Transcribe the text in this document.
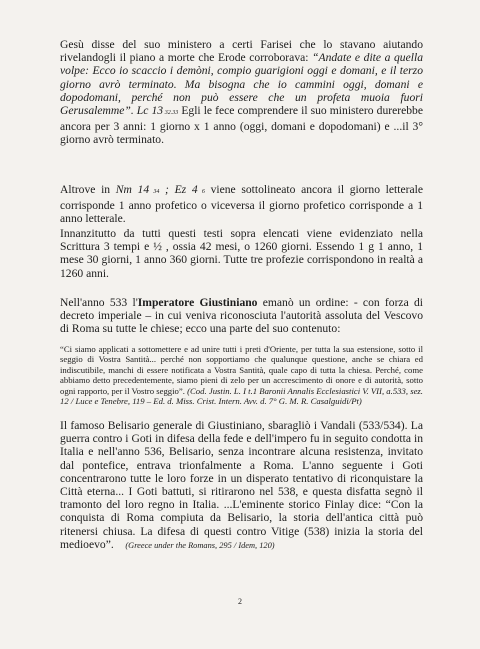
Gesù disse del suo ministero a certi Farisei che lo stavano aiutando rivelandogli il piano a morte che Erode corroborava: “Andate e dite a quella volpe: Ecco io scaccio i demòni, compio guarigioni oggi e domani, e il terzo giorno avrò terminato. Ma bisogna che io cammini oggi, domani e dopodomani, perché non può essere che un profeta muoia fuori Gerusalemme”. Lc 13 32.33 Egli le fece comprendere il suo ministero durerebbe ancora per 3 anni: 1 giorno x 1 anno (oggi, domani e dopodomani) e ...il 3° giorno avrò terminato.
Altrove in Nm 14 34 ; Ez 4 6 viene sottolineato ancora il giorno letterale corrisponde 1 anno profetico o viceversa il giorno profetico corrisponde a 1 anno letterale.
Innanzitutto da tutti questi testi sopra elencati viene evidenziato nella Scrittura 3 tempi e ½ , ossia 42 mesi, o 1260 giorni. Essendo 1 g 1 anno, 1 mese 30 giorni, 1 anno 360 giorni. Tutte tre profezie corrispondono in realtà a 1260 anni.
Nell'anno 533 l'Imperatore Giustiniano emanò un ordine: - con forza di decreto imperiale – in cui veniva riconosciuta l'autorità assoluta del Vescovo di Roma su tutte le chiese; ecco una parte del suo contenuto:
“Ci siamo applicati a sottomettere e ad unire tutti i preti d'Oriente, per tutta la sua estensione, sotto il seggio di Vostra Santità... perché non sopportiamo che qualunque questione, anche se chiara ed indiscutibile, manchi di essere notificata a Vostra Santità, quale capo di tutta la chiesa. Perché, come abbiamo detto precedentemente, siamo pieni di zelo per un accrescimento di onore e di autorità, sotto ogni rapporto, per il Vostro seggio”. (Cod. Justin. L. I t.1 Baronii Annalis Ecclesiastici V. VII, a.533, sez. 12 / Luce e Tenebre, 119 – Ed. d. Miss. Crist. Intern. Avv. d. 7° G. M. R. Casalguidi/Pt)
Il famoso Belisario generale di Giustiniano, sbaragliò i Vandali (533/534). La guerra contro i Goti in difesa della fede e dell'impero fu in seguito condotta in Italia e nell'anno 536, Belisario, senza incontrare alcuna resistenza, invitato dal pontefice, entrava trionfalmente a Roma. L'anno seguente i Goti concentrarono tutte le loro forze in un disperato tentativo di riconquistare la Città eterna... I Goti battuti, si ritirarono nel 538, e questa disfatta segnò il tramonto del loro regno in Italia. ...L'eminente storico Finlay dice: “Con la conquista di Roma compiuta da Belisario, la storia dell'antica città può ritenersi chiusa. La difesa di questi contro Vitige (538) inizia la storia del medioevo”. (Greece under the Romans, 295 / Idem, 120)
2
